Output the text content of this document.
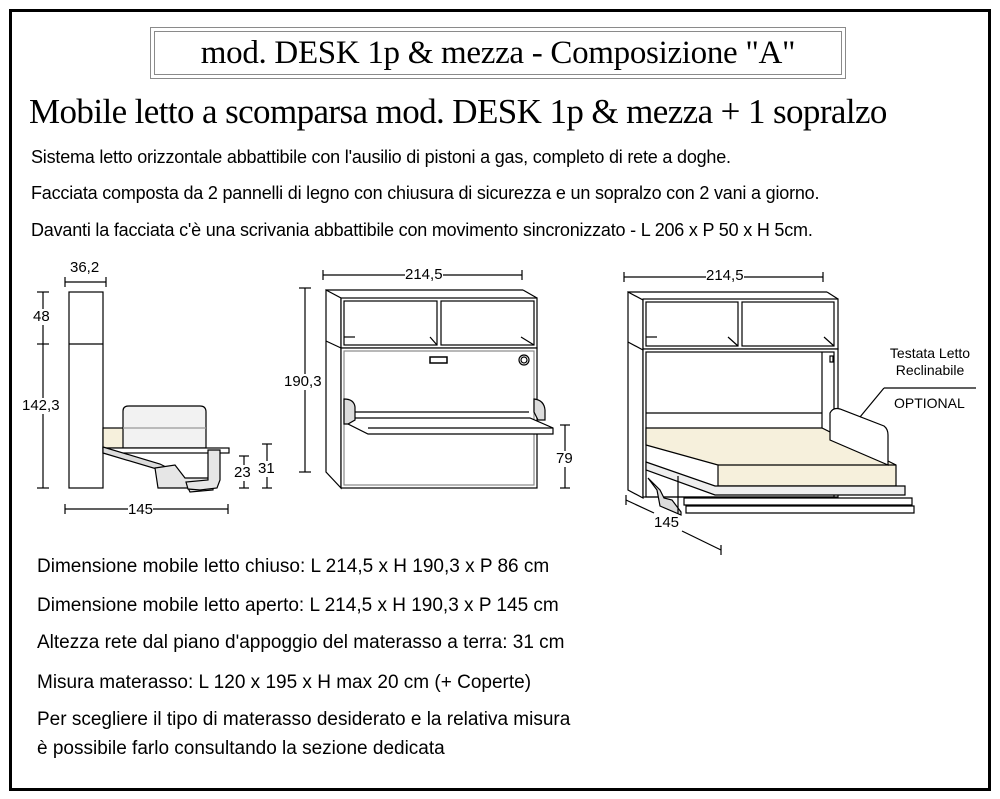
mod. DESK 1p & mezza - Composizione "A"
Mobile letto a scomparsa mod. DESK 1p & mezza + 1 sopralzo
Sistema letto orizzontale abbattibile con l'ausilio di pistoni a gas, completo di rete a doghe.
Facciata composta da 2 pannelli di legno con chiusura di sicurezza e un sopralzo con 2 vani a giorno.
Davanti la facciata c'è una scrivania abbattibile con movimento sincronizzato - L 206 x P 50 x H 5cm.
36,2
48
142,3
145
23 31
214,5
190,3
79
214,5
145
Testata Letto
Reclinabile
OPTIONAL
Dimensione mobile letto chiuso: L 214,5 x H 190,3 x P 86 cm
Dimensione mobile letto aperto: L 214,5 x H 190,3 x P 145 cm
Altezza rete dal piano d'appoggio del materasso a terra: 31 cm
Misura materasso: L 120 x 195 x H max 20 cm (+ Coperte)
Per scegliere il tipo di materasso desiderato e la relativa misura
è possibile farlo consultando la sezione dedicata
